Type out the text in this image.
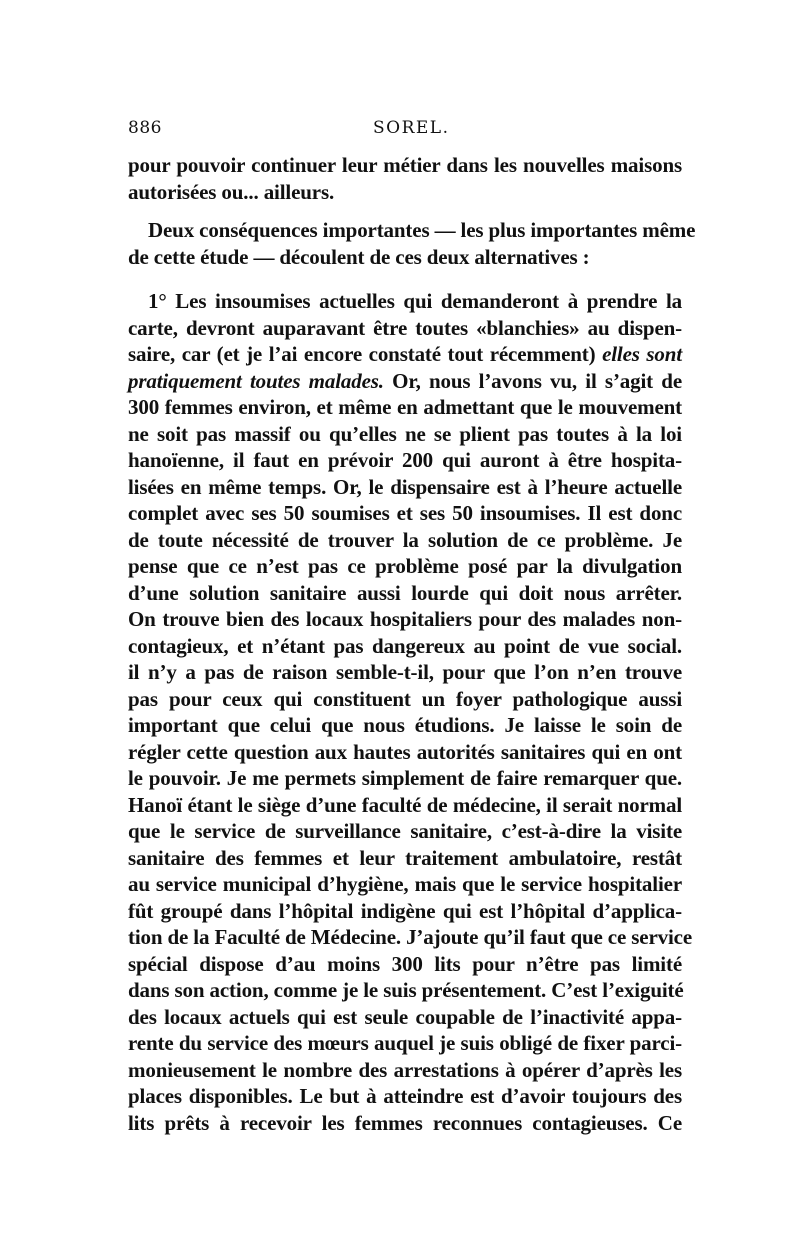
886	SOREL.
pour pouvoir continuer leur métier dans les nouvelles maisons
autorisées ou... ailleurs.
Deux conséquences importantes — les plus importantes même
de cette étude — découlent de ces deux alternatives :
1° Les insoumises actuelles qui demanderont à prendre la
carte, devront auparavant être toutes «blanchies» au dispen-
saire, car (et je l’ai encore constaté tout récemment) elles sont
pratiquement toutes malades. Or, nous l’avons vu, il s’agit de
300 femmes environ, et même en admettant que le mouvement
ne soit pas massif ou qu’elles ne se plient pas toutes à la loi
hanoïenne, il faut en prévoir 200 qui auront à être hospita-
lisées en même temps. Or, le dispensaire est à l’heure actuelle
complet avec ses 50 soumises et ses 50 insoumises. Il est donc
de toute nécessité de trouver la solution de ce problème. Je
pense que ce n’est pas ce problème posé par la divulgation
d’une solution sanitaire aussi lourde qui doit nous arrêter.
On trouve bien des locaux hospitaliers pour des malades non-
contagieux, et n’étant pas dangereux au point de vue social.
il n’y a pas de raison semble-t-il, pour que l’on n’en trouve
pas pour ceux qui constituent un foyer pathologique aussi
important que celui que nous étudions. Je laisse le soin de
régler cette question aux hautes autorités sanitaires qui en ont
le pouvoir. Je me permets simplement de faire remarquer que.
Hanoï étant le siège d’une faculté de médecine, il serait normal
que le service de surveillance sanitaire, c’est-à-dire la visite
sanitaire des femmes et leur traitement ambulatoire, restât
au service municipal d’hygiène, mais que le service hospitalier
fût groupé dans l’hôpital indigène qui est l’hôpital d’applica-
tion de la Faculté de Médecine. J’ajoute qu’il faut que ce service
spécial dispose d’au moins 300 lits pour n’être pas limité
dans son action, comme je le suis présentement. C’est l’exiguité
des locaux actuels qui est seule coupable de l’inactivité appa-
rente du service des mœurs auquel je suis obligé de fixer parci-
monieusement le nombre des arrestations à opérer d’après les
places disponibles. Le but à atteindre est d’avoir toujours des
lits prêts à recevoir les femmes reconnues contagieuses. Ce
